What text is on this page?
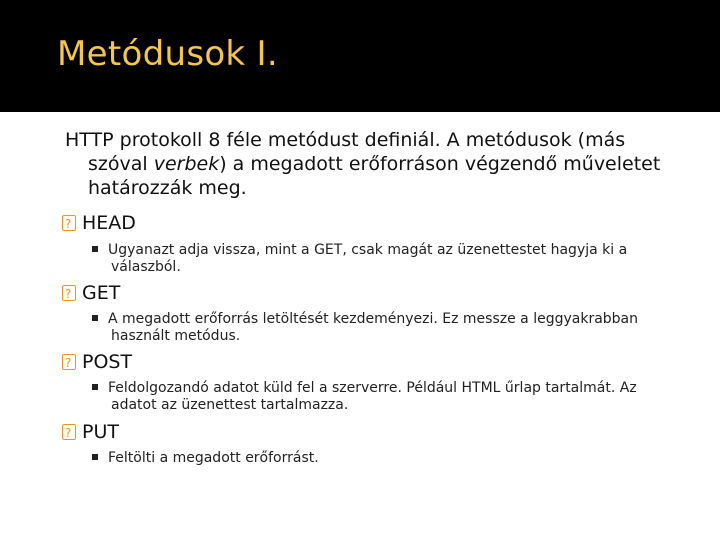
Metódusok I.
HTTP protokoll 8 féle metódust definiál. A metódusok (más
szóval verbek) a megadott erőforráson végzendő műveletet
határozzák meg.
?HEAD
Ugyanazt adja vissza, mint a GET, csak magát az üzenettestet hagyja ki a
válaszból.
?GET
A megadott erőforrás letöltését kezdeményezi. Ez messze a leggyakrabban
használt metódus.
?POST
Feldolgozandó adatot küld fel a szerverre. Például HTML űrlap tartalmát. Az
adatot az üzenettest tartalmazza.
?PUT
Feltölti a megadott erőforrást.
